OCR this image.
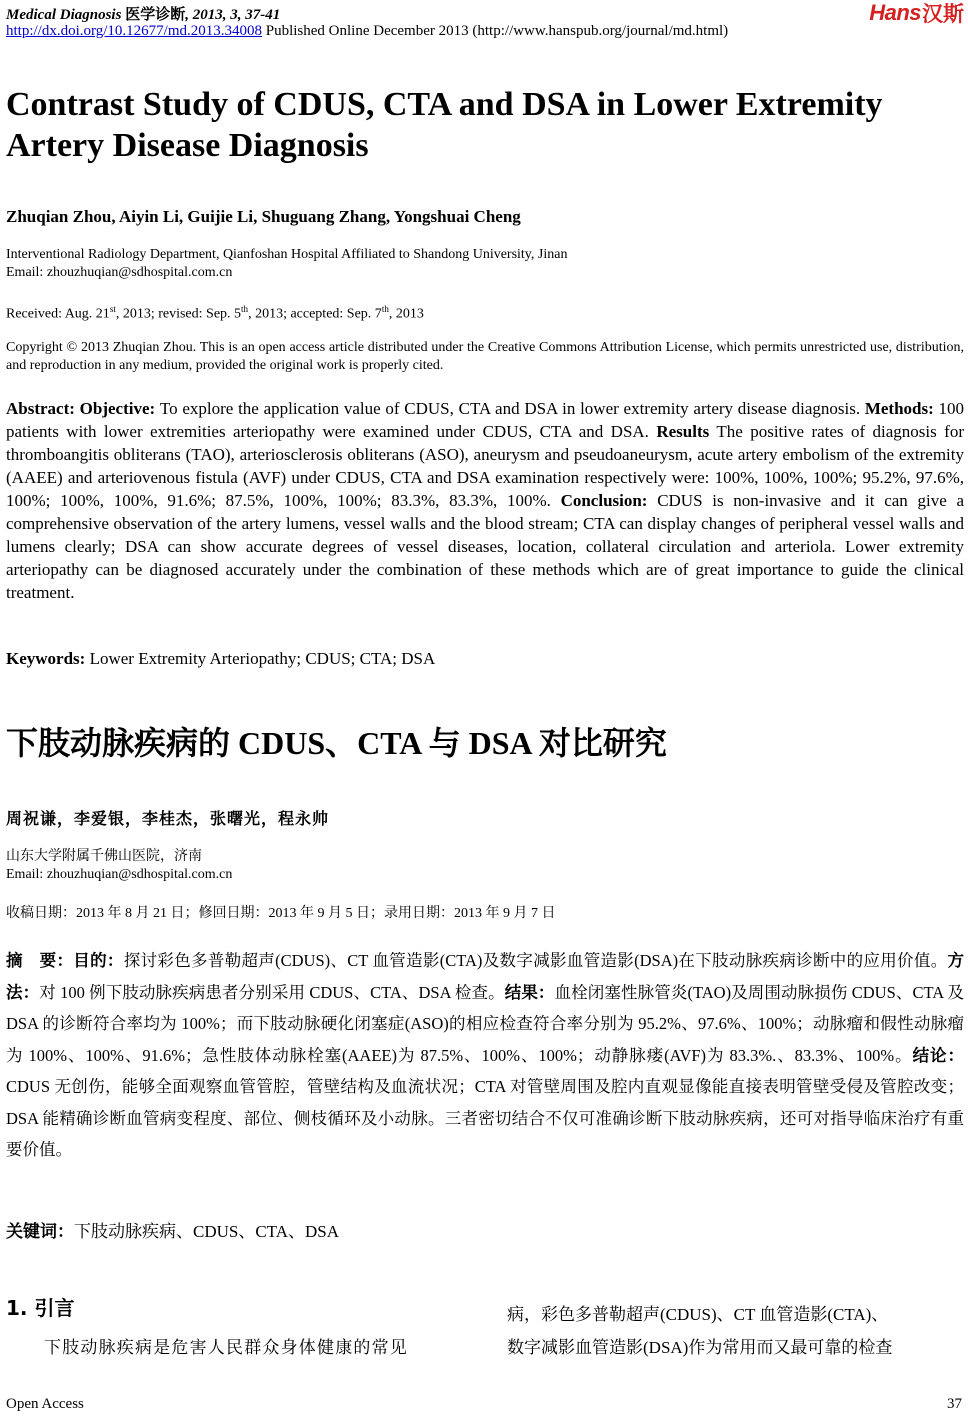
Medical Diagnosis 医学诊断, 2013, 3, 37-41
http://dx.doi.org/10.12677/md.2013.34008 Published Online December 2013 (http://www.hanspub.org/journal/md.html)
Hans 汉斯
Contrast Study of CDUS, CTA and DSA in Lower Extremity Artery Disease Diagnosis
Zhuqian Zhou, Aiyin Li, Guijie Li, Shuguang Zhang, Yongshuai Cheng
Interventional Radiology Department, Qianfoshan Hospital Affiliated to Shandong University, Jinan
Email: zhouzhuqian@sdhospital.com.cn
Received: Aug. 21st, 2013; revised: Sep. 5th, 2013; accepted: Sep. 7th, 2013
Copyright © 2013 Zhuqian Zhou. This is an open access article distributed under the Creative Commons Attribution License, which permits unrestricted use, distribution, and reproduction in any medium, provided the original work is properly cited.
Abstract: Objective: To explore the application value of CDUS, CTA and DSA in lower extremity artery disease diagnosis. Methods: 100 patients with lower extremities arteriopathy were examined under CDUS, CTA and DSA. Results The positive rates of diagnosis for thromboangitis obliterans (TAO), arteriosclerosis obliterans (ASO), aneurysm and pseudoaneurysm, acute artery embolism of the extremity (AAEE) and arteriovenous fistula (AVF) under CDUS, CTA and DSA examination respectively were: 100%, 100%, 100%; 95.2%, 97.6%, 100%; 100%, 100%, 91.6%; 87.5%, 100%, 100%; 83.3%, 83.3%, 100%. Conclusion: CDUS is non-invasive and it can give a comprehensive observation of the artery lumens, vessel walls and the blood stream; CTA can display changes of peripheral vessel walls and lumens clearly; DSA can show accurate degrees of vessel diseases, location, collateral circulation and arteriola. Lower extremity arteriopathy can be diagnosed accurately under the combination of these methods which are of great importance to guide the clinical treatment.
Keywords: Lower Extremity Arteriopathy; CDUS; CTA; DSA
下肢动脉疾病的 CDUS、CTA 与 DSA 对比研究
周祝谦，李爱银，李桂杰，张曙光，程永帅
山东大学附属千佛山医院，济南
Email: zhouzhuqian@sdhospital.com.cn
收稿日期：2013 年 8 月 21 日；修回日期：2013 年 9 月 5 日；录用日期：2013 年 9 月 7 日
摘　要：目的：探讨彩色多普勒超声(CDUS)、CT 血管造影(CTA)及数字减影血管造影(DSA)在下肢动脉疾病诊断中的应用价值。方法：对 100 例下肢动脉疾病患者分别采用 CDUS、CTA、DSA 检查。结果：血栓闭塞性脉管炎(TAO)及周围动脉损伤 CDUS、CTA 及 DSA 的诊断符合率均为 100%；而下肢动脉硬化闭塞症(ASO)的相应检查符合率分别为 95.2%、97.6%、100%；动脉瘤和假性动脉瘤为 100%、100%、91.6%；急性肢体动脉栓塞(AAEE)为 87.5%、100%、100%；动静脉瘘(AVF)为 83.3%.、83.3%、100%。结论：CDUS 无创伤，能够全面观察血管管腔，管壁结构及血流状况；CTA 对管壁周围及腔内直观显像能直接表明管壁受侵及管腔改变；DSA 能精确诊断血管病变程度、部位、侧枝循环及小动脉。三者密切结合不仅可准确诊断下肢动脉疾病，还可对指导临床治疗有重要价值。
关键词：下肢动脉疾病、CDUS、CTA、DSA
1. 引言
下肢动脉疾病是危害人民群众身体健康的常见
病，彩色多普勒超声(CDUS)、CT 血管造影(CTA)、
数字减影血管造影(DSA)作为常用而又最可靠的检查
Open Access	37
